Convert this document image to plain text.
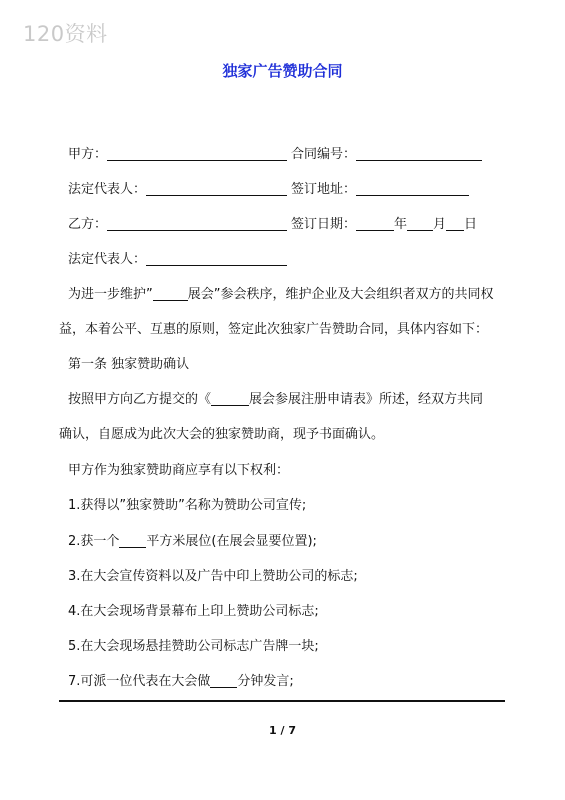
120资料
独家广告赞助合同
甲方：	合同编号：
法定代表人：	签订地址：
乙方：	签订日期：	年 月 日
法定代表人：
为进一步维护”	展会”参会秩序，维护企业及大会组织者双方的共同权
益，本着公平、互惠的原则，签定此次独家广告赞助合同，具体内容如下：
第一条 独家赞助确认
按照甲方向乙方提交的《	展会参展注册申请表》所述，经双方共同
确认，自愿成为此次大会的独家赞助商，现予书面确认。
甲方作为独家赞助商应享有以下权利：
1.获得以”独家赞助”名称为赞助公司宣传;
2.获一个 平方米展位(在展会显要位置);
3.在大会宣传资料以及广告中印上赞助公司的标志;
4.在大会现场背景幕布上印上赞助公司标志;
5.在大会现场悬挂赞助公司标志广告牌一块;
7.可派一位代表在大会做 分钟发言;
1 / 7
